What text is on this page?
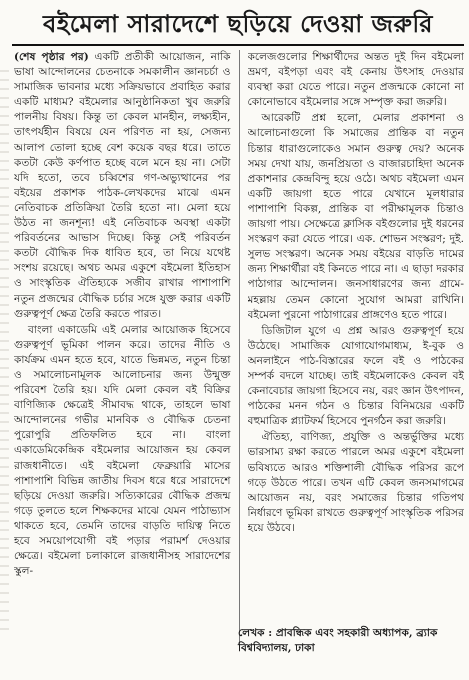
বইমেলা সারাদেশে ছড়িয়ে দেওয়া জরুরি

(শেষ পৃষ্ঠার পর) একটি প্রতীকী আয়োজন, নাকি ভাষা আন্দোলনের চেতনাকে সমকালীন জ্ঞানচর্চা ও সামাজিক ভাবনার মধ্যে সক্রিয়ভাবে প্রবাহিত করার একটি মাধ্যম? বইমেলার আনুষ্ঠানিকতা খুব জরুরি পালনীয় বিষয়। কিন্তু তা কেবল মানহীন, লক্ষ্যহীন, তাৎপর্যহীন বিষয়ে যেন পরিণত না হয়, সেজন্য আলাপ তোলা হচ্ছে বেশ কয়েক বছর ধরে। তাতে কতটা কেউ কর্ণপাত হচ্ছে বলে মনে হয় না। সেটা যদি হতো, তবে চব্বিশের গণ-অভ্যুত্থানের পর বইয়ের প্রকাশক পাঠক-লেখকদের মাঝে এমন নেতিবাচক প্রতিক্রিয়া তৈরি হতো না। মেলা হয়ে উঠত না জনশূন্য! এই নেতিবাচক অবস্থা একটা পরিবর্তনের আভাস দিচ্ছে। কিন্তু সেই পরিবর্তন কতটা বৌদ্ধিক দিক ধাবিত হবে, তা নিয়ে যথেষ্ট সংশয় রয়েছে। অথচ অমর একুশে বইমেলা ইতিহাস ও সাংস্কৃতিক ঐতিহ্যকে সজীব রাখার পাশাপাশি নতুন প্রজন্মের বৌদ্ধিক চর্চার সঙ্গে যুক্ত করার একটি গুরুত্বপূর্ণ ক্ষেত্র তৈরি করতে পারত।

বাংলা একাডেমি এই মেলার আয়োজক হিসেবে গুরুত্বপূর্ণ ভূমিকা পালন করে। তাদের নীতি ও কার্যক্রম এমন হতে হবে, যাতে ভিন্নমত, নতুন চিন্তা ও সমালোচনামূলক আলোচনার জন্য উন্মুক্ত পরিবেশ তৈরি হয়। যদি মেলা কেবল বই বিক্রির বাণিজ্যিক ক্ষেত্রেই সীমাবদ্ধ থাকে, তাহলে ভাষা আন্দোলনের গভীর মানবিক ও বৌদ্ধিক চেতনা পুরোপুরি প্রতিফলিত হবে না। বাংলা একাডেমিকেন্দ্রিক বইমেলার আয়োজন হয় কেবল রাজধানীতে। এই বইমেলা ফেব্রুয়ারি মাসের পাশাপাশি বিভিন্ন জাতীয় দিবস ধরে ধরে সারাদেশে ছড়িয়ে দেওয়া জরুরি। সত্যিকারের বৌদ্ধিক প্রজন্ম গড়ে তুলতে হলে শিক্ষকদের মাঝে যেমন পাঠাভ্যাস থাকতে হবে, তেমনি তাদের বাড়তি দায়িত্ব নিতে হবে সময়োপযোগী বই পড়ার পরামর্শ দেওয়ার ক্ষেত্রে। বইমেলা চলাকালে রাজধানীসহ সারাদেশের স্কুল-

কলেজগুলোর শিক্ষার্থীদের অন্তত দুই দিন বইমেলা ভ্রমণ, বইপড়া এবং বই কেনায় উৎসাহ দেওয়ার ব্যবস্থা করা যেতে পারে। নতুন প্রজন্মকে কোনো না কোনোভাবে বইমেলার সঙ্গে সম্পৃক্ত করা জরুরি।

আরেকটি প্রশ্ন হলো, মেলার প্রকাশনা ও আলোচনাগুলো কি সমাজের প্রান্তিক বা নতুন চিন্তার ধারাগুলোকেও সমান গুরুত্ব দেয়? অনেক সময় দেখা যায়, জনপ্রিয়তা ও বাজারচাহিদা অনেক প্রকাশনার কেন্দ্রবিন্দু হয়ে ওঠে। অথচ বইমেলা এমন একটি জায়গা হতে পারে যেখানে মূলধারার পাশাপাশি বিকল্প, প্রান্তিক বা পরীক্ষামূলক চিন্তাও জায়গা পায়। সেক্ষেত্রে ক্লাসিক বইগুলোর দুই ধরনের সংস্করণ করা যেতে পারে। এক. শোভন সংস্করণ; দুই. সুলভ সংস্করণ। অনেক সময় বইয়ের বাড়তি দামের জন্য শিক্ষার্থীরা বই কিনতে পারে না। এ ছাড়া দরকার পাঠাগার আন্দোলন। জনসাধারণের জন্য গ্রামে-মহল্লায় তেমন কোনো সুযোগ আমরা রাখিনি। বইমেলা পুরনো পাঠাগারের প্রাঙ্গণেও হতে পারে।

ডিজিটাল যুগে এ প্রশ্ন আরও গুরুত্বপূর্ণ হয়ে উঠেছে। সামাজিক যোগাযোগমাধ্যম, ই-বুক ও অনলাইনে পাঠ-বিস্তারের ফলে বই ও পাঠকের সম্পর্ক বদলে যাচ্ছে। তাই বইমেলাকেও কেবল বই কেনাবেচার জায়গা হিসেবে নয়, বরং জ্ঞান উৎপাদন, পাঠকের মনন গঠন ও চিন্তার বিনিময়ের একটি বহুমাত্রিক প্ল্যাটফর্ম হিসেবে পুনর্গঠন করা জরুরি।

ঐতিহ্য, বাণিজ্য, প্রযুক্তি ও অন্তর্ভুক্তির মধ্যে ভারসাম্য রক্ষা করতে পারলে অমর একুশে বইমেলা ভবিষ্যতে আরও শক্তিশালী বৌদ্ধিক পরিসর রূপে গড়ে উঠতে পারে। তখন এটি কেবল জনসমাগমের আয়োজন নয়, বরং সমাজের চিন্তার গতিপথ নির্ধারণে ভূমিকা রাখতে গুরুত্বপূর্ণ সাংস্কৃতিক পরিসর হয়ে উঠবে।

লেখক : প্রাবন্ধিক এবং সহকারী অধ্যাপক, ব্র্যাক বিশ্ববিদ্যালয়, ঢাকা
